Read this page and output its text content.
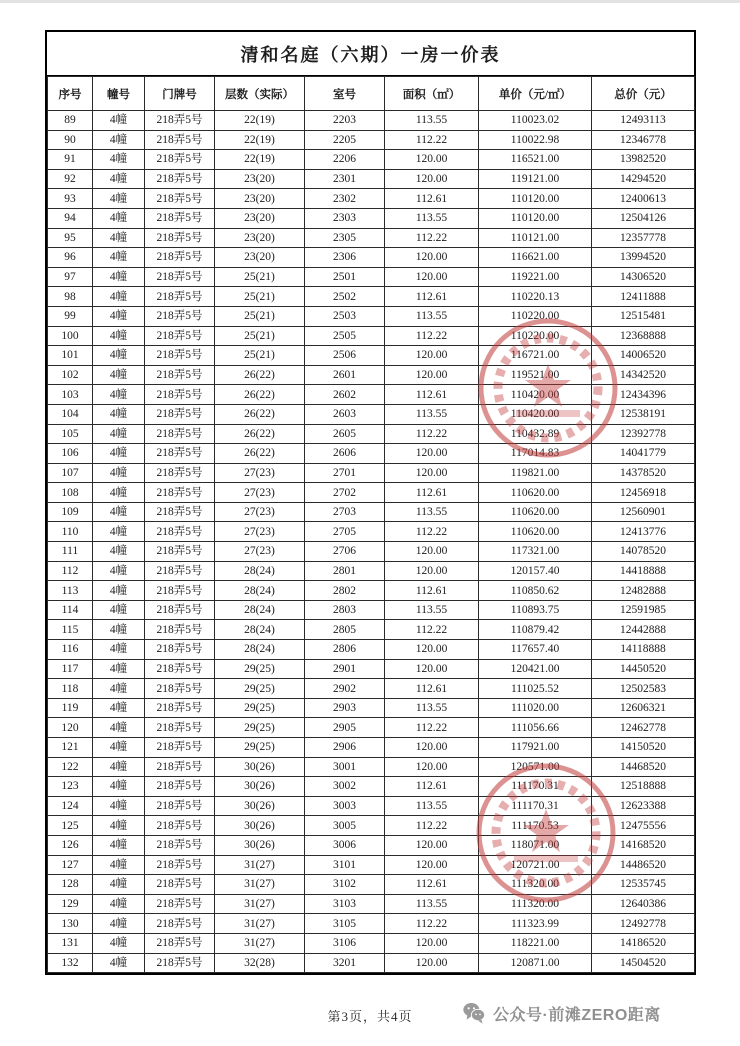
清和名庭（六期）一房一价表
序号	幢号	门牌号	层数（实际）	室号	面积（㎡）	单价（元/㎡）	总价（元）
89	4幢	218弄5号	22(19)	2203	113.55	110023.02	12493113
90	4幢	218弄5号	22(19)	2205	112.22	110022.98	12346778
91	4幢	218弄5号	22(19)	2206	120.00	116521.00	13982520
92	4幢	218弄5号	23(20)	2301	120.00	119121.00	14294520
93	4幢	218弄5号	23(20)	2302	112.61	110120.00	12400613
94	4幢	218弄5号	23(20)	2303	113.55	110120.00	12504126
95	4幢	218弄5号	23(20)	2305	112.22	110121.00	12357778
96	4幢	218弄5号	23(20)	2306	120.00	116621.00	13994520
97	4幢	218弄5号	25(21)	2501	120.00	119221.00	14306520
98	4幢	218弄5号	25(21)	2502	112.61	110220.13	12411888
99	4幢	218弄5号	25(21)	2503	113.55	110220.00	12515481
100	4幢	218弄5号	25(21)	2505	112.22	110220.00	12368888
101	4幢	218弄5号	25(21)	2506	120.00	116721.00	14006520
102	4幢	218弄5号	26(22)	2601	120.00	119521.00	14342520
103	4幢	218弄5号	26(22)	2602	112.61	110420.00	12434396
104	4幢	218弄5号	26(22)	2603	113.55	110420.00	12538191
105	4幢	218弄5号	26(22)	2605	112.22	110432.89	12392778
106	4幢	218弄5号	26(22)	2606	120.00	117014.83	14041779
107	4幢	218弄5号	27(23)	2701	120.00	119821.00	14378520
108	4幢	218弄5号	27(23)	2702	112.61	110620.00	12456918
109	4幢	218弄5号	27(23)	2703	113.55	110620.00	12560901
110	4幢	218弄5号	27(23)	2705	112.22	110620.00	12413776
111	4幢	218弄5号	27(23)	2706	120.00	117321.00	14078520
112	4幢	218弄5号	28(24)	2801	120.00	120157.40	14418888
113	4幢	218弄5号	28(24)	2802	112.61	110850.62	12482888
114	4幢	218弄5号	28(24)	2803	113.55	110893.75	12591985
115	4幢	218弄5号	28(24)	2805	112.22	110879.42	12442888
116	4幢	218弄5号	28(24)	2806	120.00	117657.40	14118888
117	4幢	218弄5号	29(25)	2901	120.00	120421.00	14450520
118	4幢	218弄5号	29(25)	2902	112.61	111025.52	12502583
119	4幢	218弄5号	29(25)	2903	113.55	111020.00	12606321
120	4幢	218弄5号	29(25)	2905	112.22	111056.66	12462778
121	4幢	218弄5号	29(25)	2906	120.00	117921.00	14150520
122	4幢	218弄5号	30(26)	3001	120.00	120571.00	14468520
123	4幢	218弄5号	30(26)	3002	112.61	111170.31	12518888
124	4幢	218弄5号	30(26)	3003	113.55	111170.31	12623388
125	4幢	218弄5号	30(26)	3005	112.22	111170.53	12475556
126	4幢	218弄5号	30(26)	3006	120.00	118071.00	14168520
127	4幢	218弄5号	31(27)	3101	120.00	120721.00	14486520
128	4幢	218弄5号	31(27)	3102	112.61	111320.00	12535745
129	4幢	218弄5号	31(27)	3103	113.55	111320.00	12640386
130	4幢	218弄5号	31(27)	3105	112.22	111323.99	12492778
131	4幢	218弄5号	31(27)	3106	120.00	118221.00	14186520
132	4幢	218弄5号	32(28)	3201	120.00	120871.00	14504520
第3页，共4页	公众号·前滩ZERO距离
